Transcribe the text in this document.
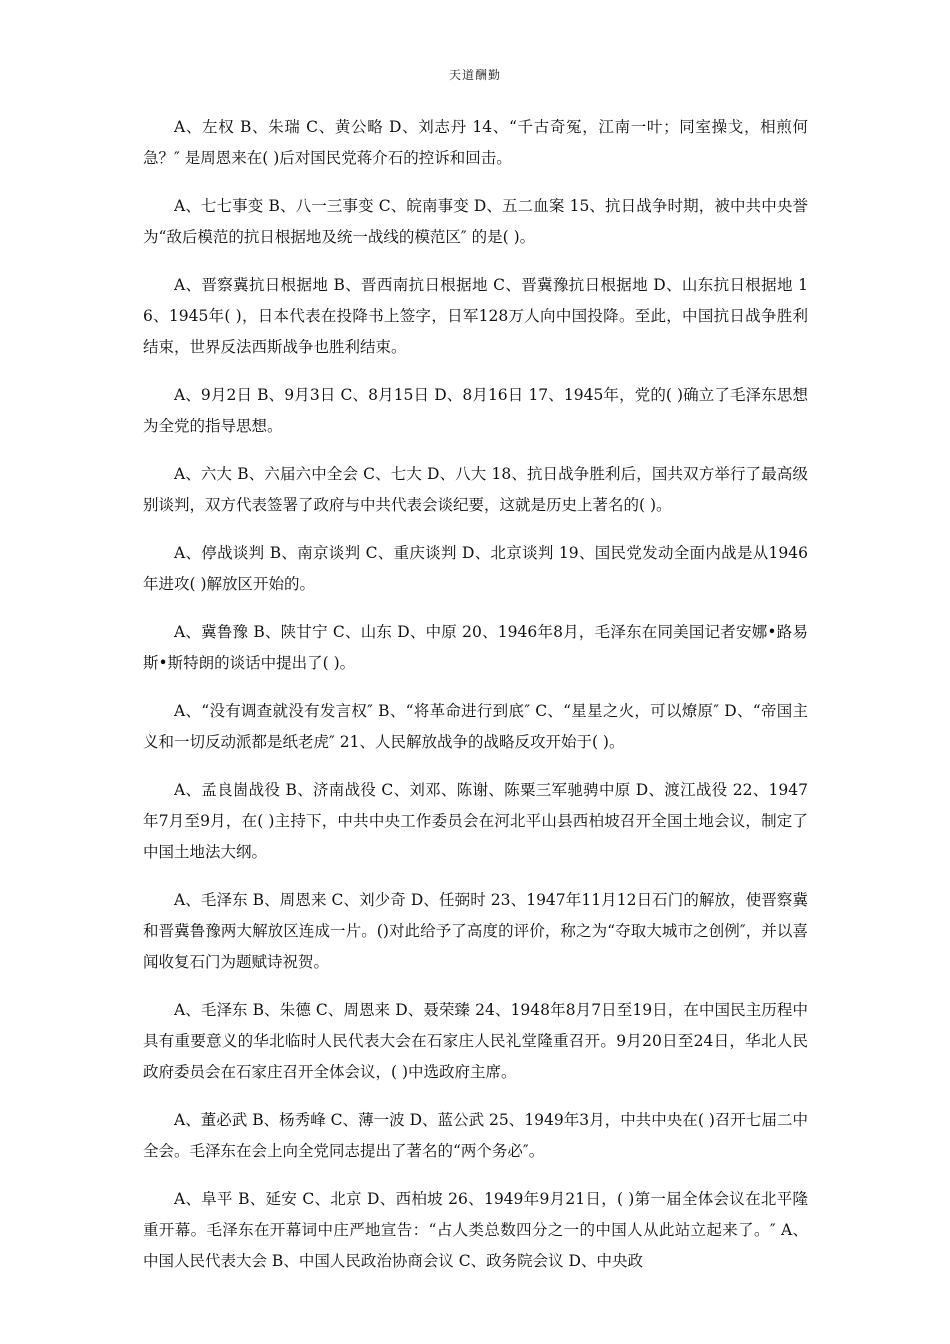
天道酬勤

A、左权 B、朱瑞 C、黄公略 D、刘志丹 14、“千古奇冤，江南一叶；同室操戈，相煎何急？″ 是周恩来在( )后对国民党蒋介石的控诉和回击。

A、七七事变 B、八一三事变 C、皖南事变 D、五二血案 15、抗日战争时期，被中共中央誉为“敌后模范的抗日根据地及统一战线的模范区″ 的是( )。

A、晋察冀抗日根据地 B、晋西南抗日根据地 C、晋冀豫抗日根据地 D、山东抗日根据地 16、1945年( )，日本代表在投降书上签字，日军128万人向中国投降。至此，中国抗日战争胜利结束，世界反法西斯战争也胜利结束。

A、9月2日 B、9月3日 C、8月15日 D、8月16日 17、1945年，党的( )确立了毛泽东思想为全党的指导思想。

A、六大 B、六届六中全会 C、七大 D、八大 18、抗日战争胜利后，国共双方举行了最高级别谈判，双方代表签署了政府与中共代表会谈纪要，这就是历史上著名的( )。

A、停战谈判 B、南京谈判 C、重庆谈判 D、北京谈判 19、国民党发动全面内战是从1946年进攻( )解放区开始的。

A、冀鲁豫 B、陕甘宁 C、山东 D、中原 20、1946年8月，毛泽东在同美国记者安娜•路易斯•斯特朗的谈话中提出了( )。

A、“没有调查就没有发言权″ B、“将革命进行到底″ C、“星星之火，可以燎原″ D、“帝国主义和一切反动派都是纸老虎″ 21、人民解放战争的战略反攻开始于( )。

A、孟良崮战役 B、济南战役 C、刘邓、陈谢、陈粟三军驰骋中原 D、渡江战役 22、1947年7月至9月，在( )主持下，中共中央工作委员会在河北平山县西柏坡召开全国土地会议，制定了中国土地法大纲。

A、毛泽东 B、周恩来 C、刘少奇 D、任弼时 23、1947年11月12日石门的解放，使晋察冀和晋冀鲁豫两大解放区连成一片。()对此给予了高度的评价，称之为“夺取大城市之创例″，并以喜闻收复石门为题赋诗祝贺。

A、毛泽东 B、朱德 C、周恩来 D、聂荣臻 24、1948年8月7日至19日，在中国民主历程中具有重要意义的华北临时人民代表大会在石家庄人民礼堂隆重召开。9月20日至24日，华北人民政府委员会在石家庄召开全体会议，( )中选政府主席。

A、董必武 B、杨秀峰 C、薄一波 D、蓝公武 25、1949年3月，中共中央在( )召开七届二中全会。毛泽东在会上向全党同志提出了著名的“两个务必″。

A、阜平 B、延安 C、北京 D、西柏坡 26、1949年9月21日，( )第一届全体会议在北平隆重开幕。毛泽东在开幕词中庄严地宣告：“占人类总数四分之一的中国人从此站立起来了。″ A、中国人民代表大会 B、中国人民政治协商会议 C、政务院会议 D、中央政
